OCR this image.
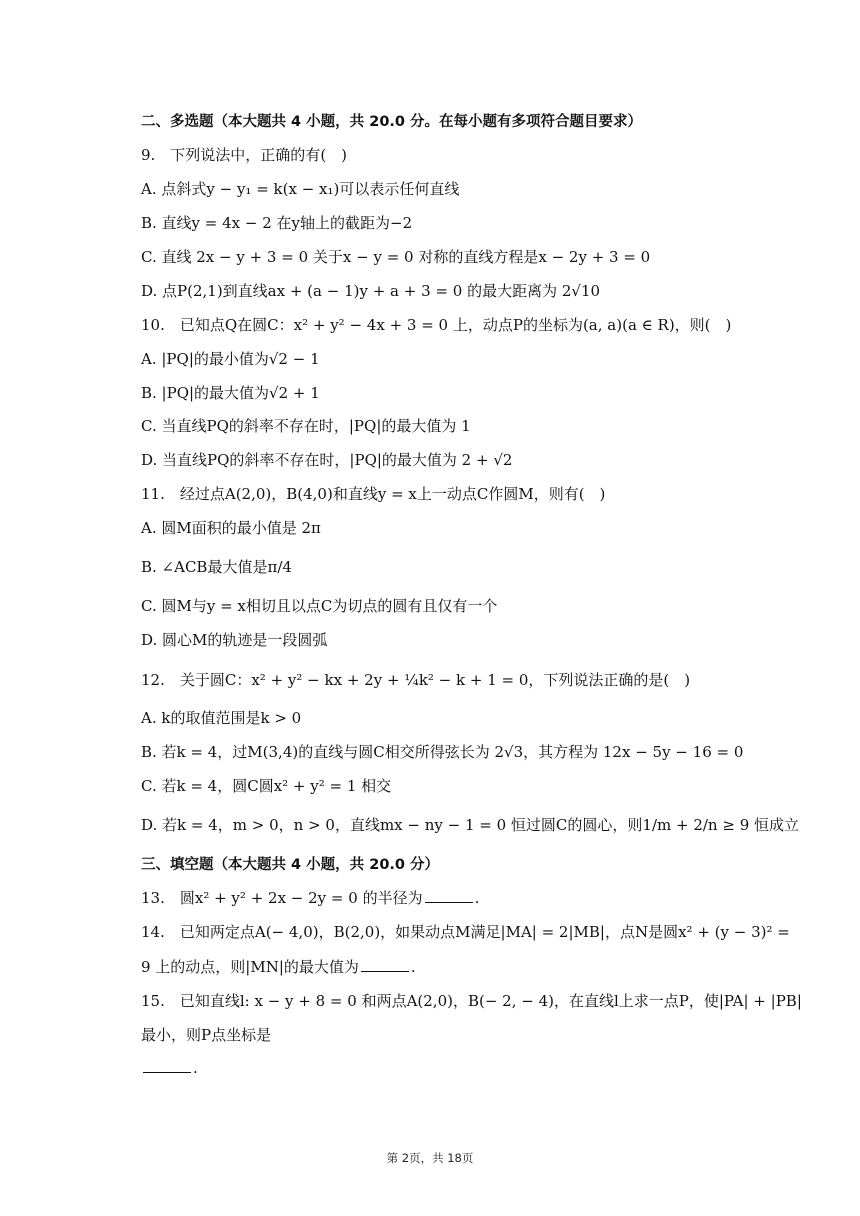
二、多选题（本大题共 4 小题，共 20.0 分。在每小题有多项符合题目要求）
9.　下列说法中，正确的有(　)
A. 点斜式y − y₁ = k(x − x₁)可以表示任何直线
B. 直线y = 4x − 2 在y轴上的截距为−2
C. 直线 2x − y + 3 = 0 关于x − y = 0 对称的直线方程是x − 2y + 3 = 0
D. 点P(2,1)到直线ax + (a − 1)y + a + 3 = 0 的最大距离为 2√10
10.　已知点Q在圆C：x² + y² − 4x + 3 = 0 上，动点P的坐标为(a, a)(a ∈ R)，则(　)
A. |PQ|的最小值为√2 − 1
B. |PQ|的最大值为√2 + 1
C. 当直线PQ的斜率不存在时，|PQ|的最大值为 1
D. 当直线PQ的斜率不存在时，|PQ|的最大值为 2 + √2
11.　经过点A(2,0)，B(4,0)和直线y = x上一动点C作圆M，则有(　)
A. 圆M面积的最小值是 2π
B. ∠ACB最大值是π/4
C. 圆M与y = x相切且以点C为切点的圆有且仅有一个
D. 圆心M的轨迹是一段圆弧
12.　关于圆C：x² + y² − kx + 2y + ¼k² − k + 1 = 0，下列说法正确的是(　)
A. k的取值范围是k > 0
B. 若k = 4，过M(3,4)的直线与圆C相交所得弦长为 2√3，其方程为 12x − 5y − 16 = 0
C. 若k = 4，圆C圆x² + y² = 1 相交
D. 若k = 4，m > 0，n > 0，直线mx − ny − 1 = 0 恒过圆C的圆心，则1/m + 2/n ≥ 9 恒成立
三、填空题（本大题共 4 小题，共 20.0 分）
13.　圆x² + y² + 2x − 2y = 0 的半径为	.
14.　已知两定点A(− 4,0)，B(2,0)，如果动点M满足|MA| = 2|MB|，点N是圆x² + (y − 3)² =
9 上的动点，则|MN|的最大值为	.
15.　已知直线l: x − y + 8 = 0 和两点A(2,0)，B(− 2, − 4)，在直线l上求一点P，使|PA| + |PB|
最小，则P点坐标是
.
第 2页，共 18页
